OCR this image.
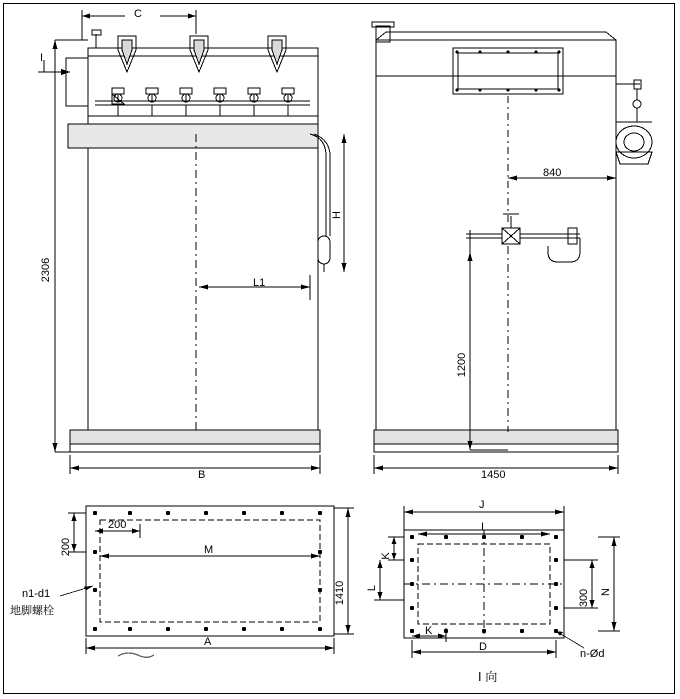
C
I
2306
H
L1
B
840
1200
1450
200
200	M
1410
A
n1-d1
地脚螺栓
J
I
K
L
K
D
300 N
n-Ød
I 向
